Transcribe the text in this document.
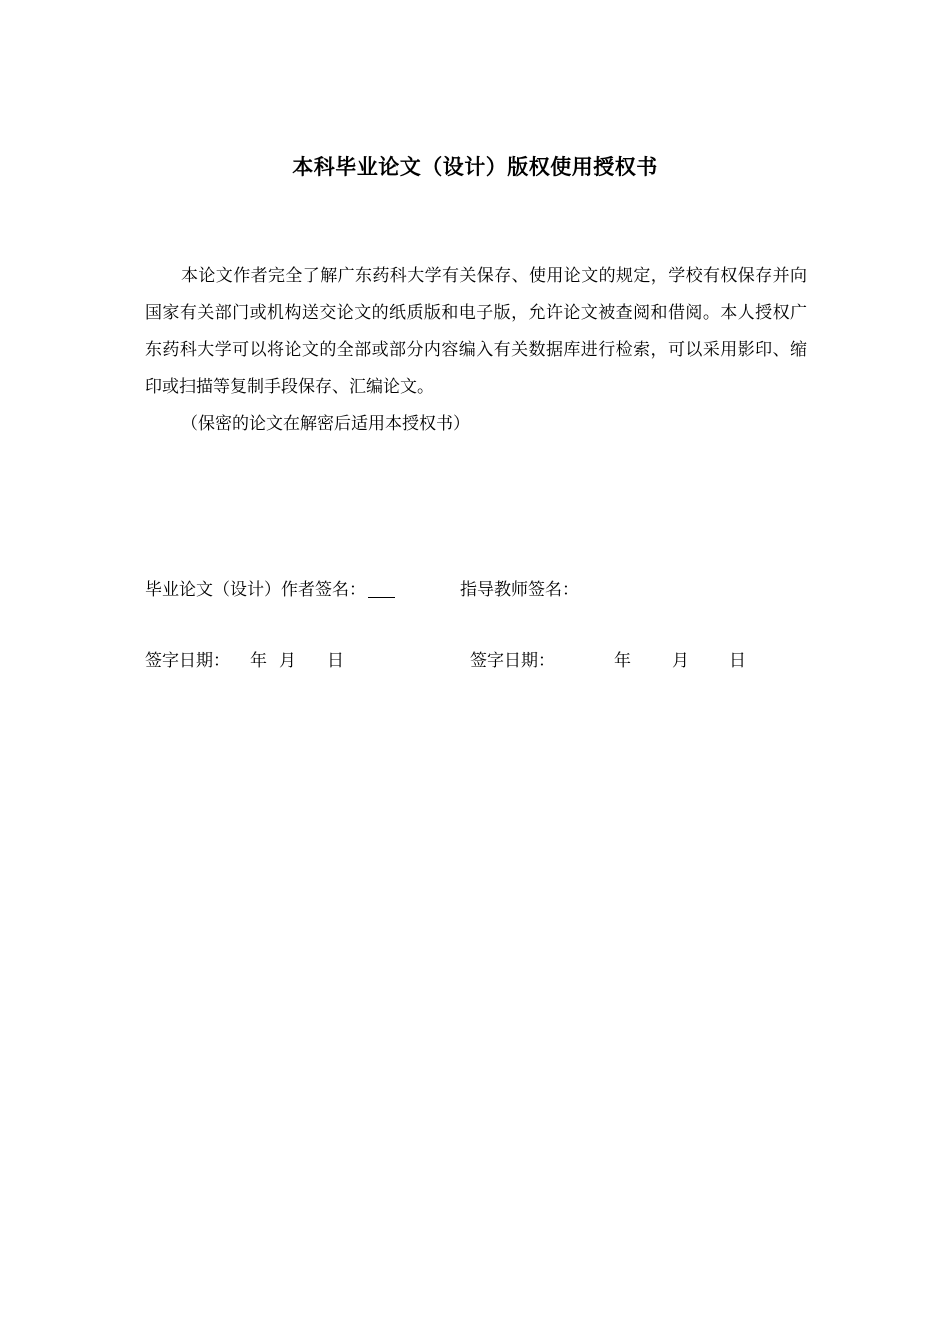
本科毕业论文（设计）版权使用授权书

本论文作者完全了解广东药科大学有关保存、使用论文的规定，学校有权保存并向国家有关部门或机构送交论文的纸质版和电子版，允许论文被查阅和借阅。本人授权广东药科大学可以将论文的全部或部分内容编入有关数据库进行检索，可以采用影印、缩印或扫描等复制手段保存、汇编论文。

（保密的论文在解密后适用本授权书）

毕业论文（设计）作者签名：	指导教师签名：
签字日期： 年 月 日	签字日期：	年 月 日
